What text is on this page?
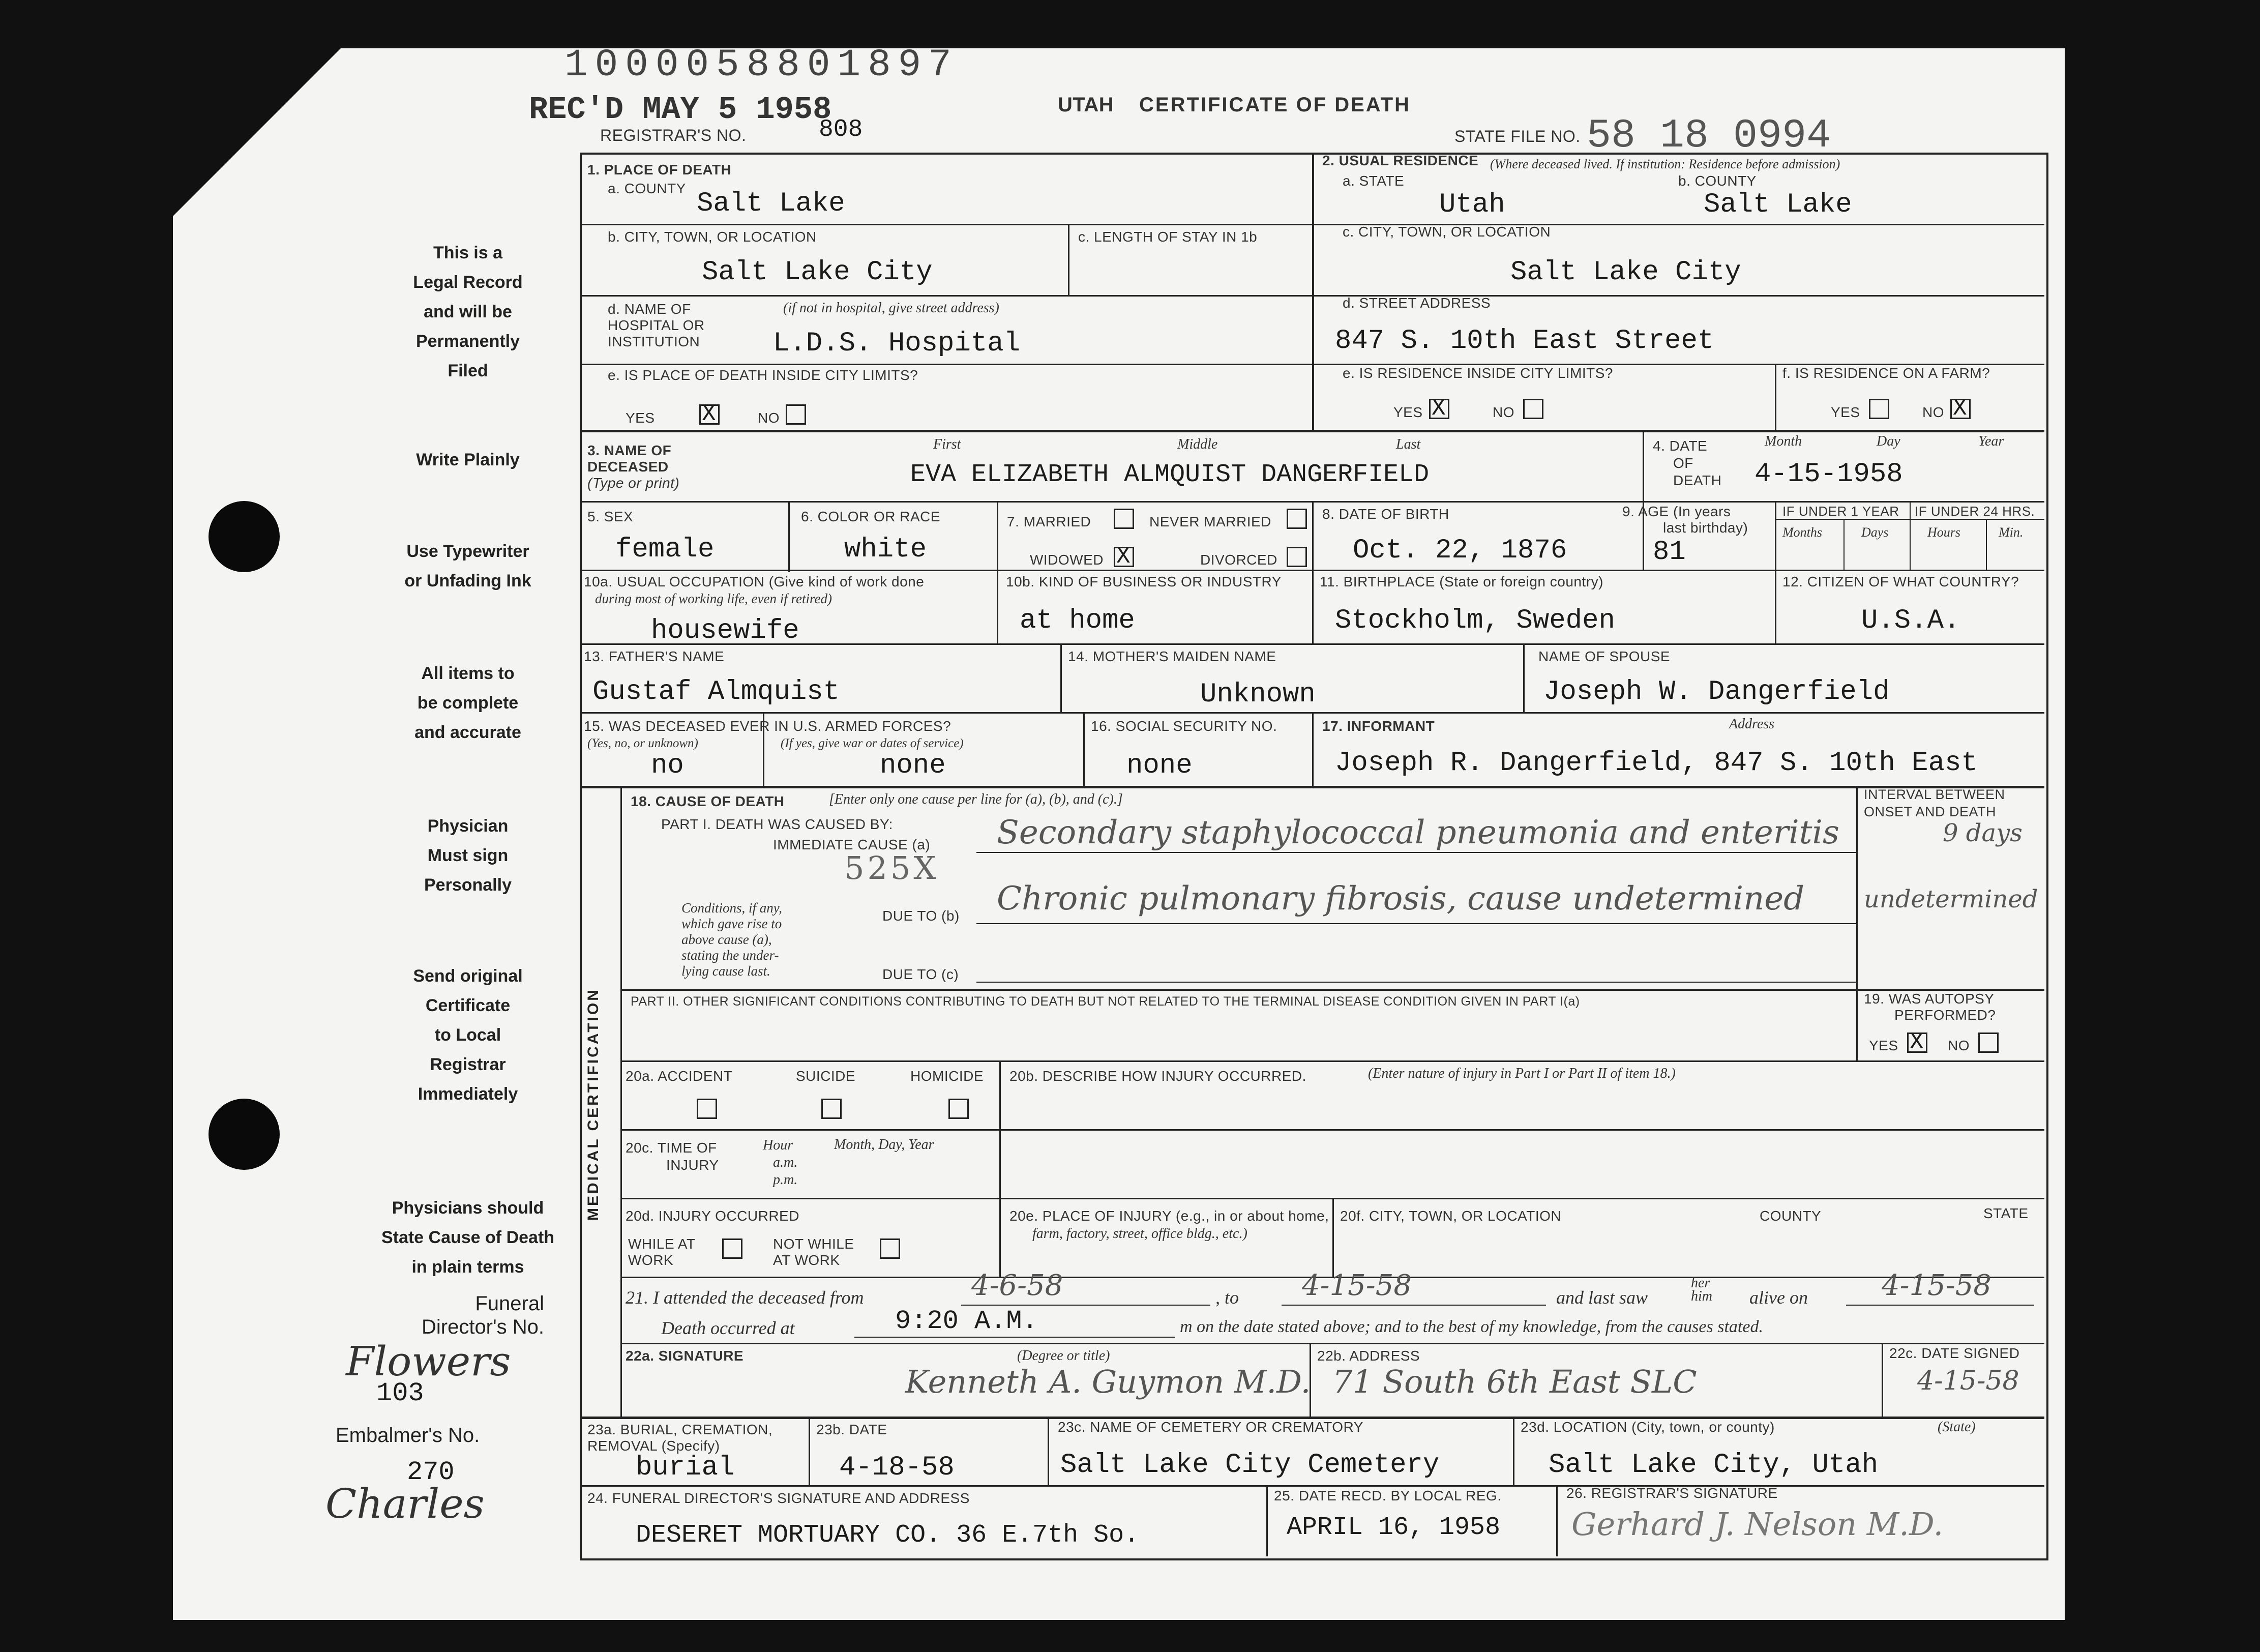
1000058801897
REC'D MAY 5 1958
REGISTRAR'S NO.	808
UTAH CERTIFICATE OF DEATH
STATE FILE NO. 58 18 0994
This is a
Legal Record
and will be
Permanently
Filed
Write Plainly
Use Typewriter
or Unfading Ink
All items to
be complete
and accurate
Physician
Must sign
Personally
Send original
Certificate
to Local
Registrar
Immediately
Physicians should
State Cause of Death
in plain terms
Funeral
Director's No.
Flowers
103
Embalmer's No.
270
Charles
1. PLACE OF DEATH
a. COUNTY Salt Lake
2. USUAL RESIDENCE (Where deceased lived. If institution: Residence before admission)
a. STATE	b. COUNTY
Utah	Salt Lake
b. CITY, TOWN, OR LOCATION
Salt Lake City
c. LENGTH OF STAY IN 1b	c. CITY, TOWN, OR LOCATION
Salt Lake City
d. NAME OF
HOSPITAL OR
INSTITUTION
(if not in hospital, give street address)
L.D.S. Hospital
d. STREET ADDRESS
847 S. 10th East Street
e. IS PLACE OF DEATH INSIDE CITY LIMITS?
YES X	NO
e. IS RESIDENCE INSIDE CITY LIMITS?
YES X	NO
f. IS RESIDENCE ON A FARM?
YES	NO X
3. NAME OF
DECEASED
(Type or print)
First	Middle	Last
EVA ELIZABETH ALMQUIST DANGERFIELD
4. DATE
OF
DEATH
Month	Day	Year
4-15-1958
5. SEX
female
6. COLOR OR RACE
white
7. MARRIED	NEVER MARRIED
WIDOWED X	DIVORCED
8. DATE OF BIRTH
Oct. 22, 1876
9. AGE (In years
last birthday)
81
IF UNDER 1 YEAR IF UNDER 24 HRS.
Months	Days	Hours	Min.
10a. USUAL OCCUPATION (Give kind of work done
during most of working life, even if retired)
housewife
10b. KIND OF BUSINESS OR INDUSTRY
at home
11. BIRTHPLACE (State or foreign country)
Stockholm, Sweden
12. CITIZEN OF WHAT COUNTRY?
U.S.A.
13. FATHER'S NAME
Gustaf Almquist
14. MOTHER'S MAIDEN NAME
Unknown
NAME OF SPOUSE
Joseph W. Dangerfield
15. WAS DECEASED EVER IN U.S. ARMED FORCES?
(Yes, no, or unknown)	(If yes, give war or dates of service)
no	none
16. SOCIAL SECURITY NO.
none
17. INFORMANT	Address
Joseph R. Dangerfield, 847 S. 10th East
MEDICAL CERTIFICATION
18. CAUSE OF DEATH	[Enter only one cause per line for (a), (b), and (c).]
PART I. DEATH WAS CAUSED BY:
IMMEDIATE CAUSE (a) Secondary staphylococcal pneumonia and enteritis
525X
Conditions, if any,
which gave rise to
above cause (a),
stating the under-
lying cause last.
DUE TO (b) Chronic pulmonary fibrosis, cause undetermined
DUE TO (c)
INTERVAL BETWEEN
ONSET AND DEATH
9 days
undetermined
PART II. OTHER SIGNIFICANT CONDITIONS CONTRIBUTING TO DEATH BUT NOT RELATED TO THE TERMINAL DISEASE CONDITION GIVEN IN PART I(a)	19. WAS AUTOPSY
PERFORMED?
YES X NO
20a. ACCIDENT	SUICIDE	HOMICIDE 20b. DESCRIBE HOW INJURY OCCURRED.	(Enter nature of injury in Part I or Part II of item 18.)
20c. TIME OF
INJURY
Hour
a.m.
p.m.
Month, Day, Year
20d. INJURY OCCURRED
WHILE AT
WORK
NOT WHILE
AT WORK
20e. PLACE OF INJURY (e.g., in or about home,
farm, factory, street, office bldg., etc.)
20f. CITY, TOWN, OR LOCATION	COUNTY	STATE
21. I attended the deceased from	4-6-58	, to 4-15-58	and last saw
her
him alive on	4-15-58
Death occurred at	9:20 A.M.	m on the date stated above; and to the best of my knowledge, from the causes stated.
22a. SIGNATURE	(Degree or title)
Kenneth A. Guymon M.D.
22b. ADDRESS
71 South 6th East SLC
22c. DATE SIGNED
4-15-58
23a. BURIAL, CREMATION,
REMOVAL (Specify)
burial
23b. DATE
4-18-58
23c. NAME OF CEMETERY OR CREMATORY
Salt Lake City Cemetery
23d. LOCATION (City, town, or county)	(State)
Salt Lake City, Utah
24. FUNERAL DIRECTOR'S SIGNATURE AND ADDRESS
DESERET MORTUARY CO. 36 E.7th So.
25. DATE RECD. BY LOCAL REG.
APRIL 16, 1958
26. REGISTRAR'S SIGNATURE
Gerhard J. Nelson M.D.
